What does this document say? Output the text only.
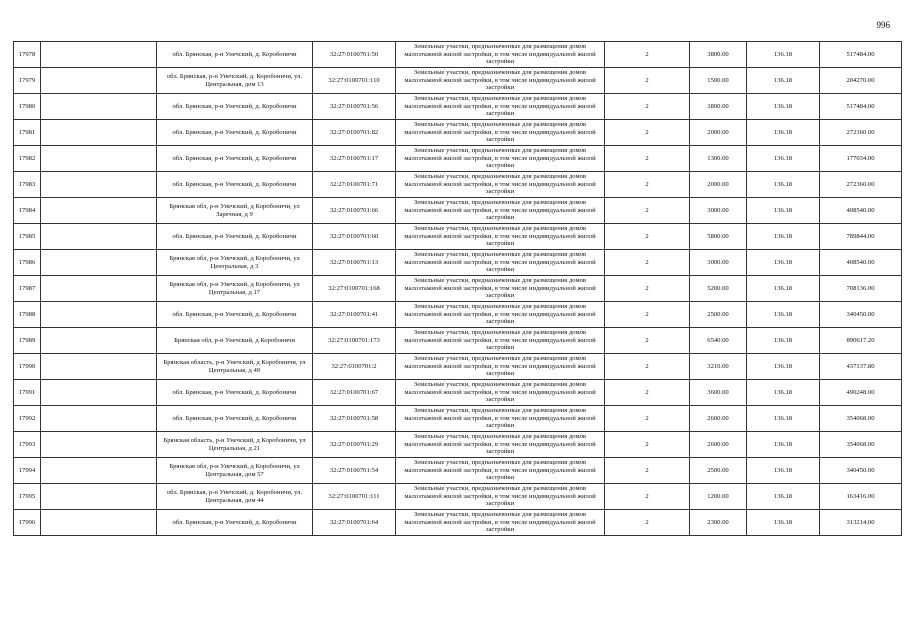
996
17978		обл. Брянская, р-н Унечский, д. Коробоничи	32:27:0100701:50	Земельные участки, предназначенные для размещения домов малоэтажной жилой застройки, в том числе индивидуальной жилой застройки	2	3800.00	136.18	517484.00
17979		обл. Брянская, р-н Унечский, д. Коробоничи, ул. Центральная, дом 13	32:27:0100701:110	Земельные участки, предназначенные для размещения домов малоэтажной жилой застройки, в том числе индивидуальной жилой застройки	2	1500.00	136.18	204270.00
17980		обл. Брянская, р-н Унечский, д. Коробоничи	32:27:0100701:56	Земельные участки, предназначенные для размещения домов малоэтажной жилой застройки, в том числе индивидуальной жилой застройки	2	3800.00	136.18	517484.00
17981		обл. Брянская, р-н Унечский, д. Коробоничи	32:27:0100701:82	Земельные участки, предназначенные для размещения домов малоэтажной жилой застройки, в том числе индивидуальной жилой застройки	2	2000.00	136.18	272360.00
17982		обл. Брянская, р-н Унечский, д. Коробоничи	32:27:0100701:17	Земельные участки, предназначенные для размещения домов малоэтажной жилой застройки, в том числе индивидуальной жилой застройки	2	1300.00	136.18	177034.00
17983		обл. Брянская, р-н Унечский, д. Коробоничи	32:27:0100701:71	Земельные участки, предназначенные для размещения домов малоэтажной жилой застройки, в том числе индивидуальной жилой застройки	2	2000.00	136.18	272360.00
17984		Брянская обл, р-н Унечский, д Коробоничи, ул Заречная, д 9	32:27:0100701:66	Земельные участки, предназначенные для размещения домов малоэтажной жилой застройки, в том числе индивидуальной жилой застройки	2	3000.00	136.18	408540.00
17985		обл. Брянская, р-н Унечский, д. Коробоничи	32:27:0100701:60	Земельные участки, предназначенные для размещения домов малоэтажной жилой застройки, в том числе индивидуальной жилой застройки	2	5800.00	136.18	789844.00
17986		Брянская обл, р-н Унечский, д Коробоничи, ул Центральная, д 3	32:27:0100701:13	Земельные участки, предназначенные для размещения домов малоэтажной жилой застройки, в том числе индивидуальной жилой застройки	2	3000.00	136.18	408540.00
17987		Брянская обл, р-н Унечский, д Коробоничи, ул Центральная, д 17	32:27:0100701:168	Земельные участки, предназначенные для размещения домов малоэтажной жилой застройки, в том числе индивидуальной жилой застройки	2	5200.00	136.18	708136.00
17988		обл. Брянская, р-н Унечский, д. Коробоничи	32:27:0100701:41	Земельные участки, предназначенные для размещения домов малоэтажной жилой застройки, в том числе индивидуальной жилой застройки	2	2500.00	136.18	340450.00
17989		Брянская обл, р-н Унечский, д Коробоничи	32:27:0100701:173	Земельные участки, предназначенные для размещения домов малоэтажной жилой застройки, в том числе индивидуальной жилой застройки	2	6540.00	136.18	890617.20
17990		Брянская область, р-н Унечский, д Коробоничи, ул Центральная, д 49	32:27:0100701:2	Земельные участки, предназначенные для размещения домов малоэтажной жилой застройки, в том числе индивидуальной жилой застройки	2	3210.00	136.18	437137.80
17991		обл. Брянская, р-н Унечский, д. Коробоничи	32:27:0100701:67	Земельные участки, предназначенные для размещения домов малоэтажной жилой застройки, в том числе индивидуальной жилой застройки	2	3600.00	136.18	490248.00
17992		обл. Брянская, р-н Унечский, д. Коробоничи	32:27:0100701:58	Земельные участки, предназначенные для размещения домов малоэтажной жилой застройки, в том числе индивидуальной жилой застройки	2	2600.00	136.18	354068.00
17993		Брянская область, р-н Унечский, д Коробоничи, ул Центральная, д 21	32:27:0100701:29	Земельные участки, предназначенные для размещения домов малоэтажной жилой застройки, в том числе индивидуальной жилой застройки	2	2600.00	136.18	354068.00
17994		Брянская обл, р-н Унечский, д Коробоничи, ул Центральная, дом 57	32:27:0100701:54	Земельные участки, предназначенные для размещения домов малоэтажной жилой застройки, в том числе индивидуальной жилой застройки	2	2500.00	136.18	340450.00
17995		обл. Брянская, р-н Унечский, д. Коробоничи, ул. Центральная, дом 44	32:27:0100701:111	Земельные участки, предназначенные для размещения домов малоэтажной жилой застройки, в том числе индивидуальной жилой застройки	2	1200.00	136.18	163416.00
17996		обл. Брянская, р-н Унечский, д. Коробоничи	32:27:0100701:64	Земельные участки, предназначенные для размещения домов малоэтажной жилой застройки, в том числе индивидуальной жилой застройки	2	2300.00	136.18	313214.00
